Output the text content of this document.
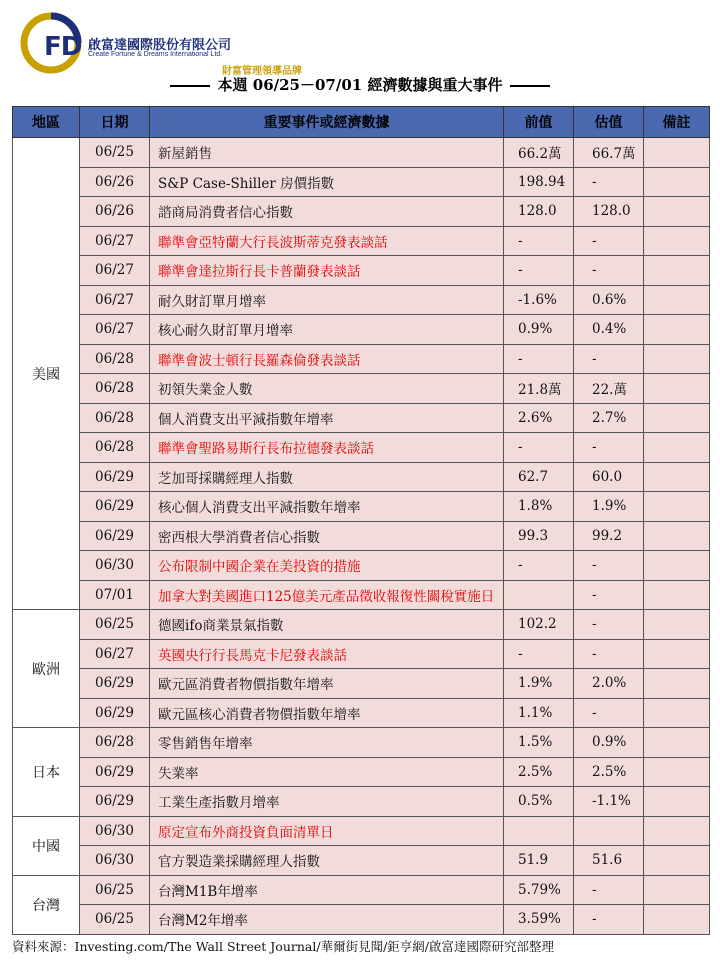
FD 啟富達國際股份有限公司
Create Fortune & Dreams International Ltd.
財富管理領導品牌
本週 06/25－07/01 經濟數據與重大事件
地區	日期	重要事件或經濟數據	前值	估值	備註
美國	06/25	新屋銷售	66.2萬	66.7萬	
	06/26	S&P Case-Shiller 房價指數	198.94	-	
	06/26	諮商局消費者信心指數	128.0	128.0	
	06/27	聯準會亞特蘭大行長波斯蒂克發表談話	-	-	
	06/27	聯準會達拉斯行長卡普蘭發表談話	-	-	
	06/27	耐久財訂單月增率	-1.6%	0.6%	
	06/27	核心耐久財訂單月增率	0.9%	0.4%	
	06/28	聯準會波士頓行長羅森倫發表談話	-	-	
	06/28	初領失業金人數	21.8萬	22.萬	
	06/28	個人消費支出平減指數年增率	2.6%	2.7%	
	06/28	聯準會聖路易斯行長布拉德發表談話	-	-	
	06/29	芝加哥採購經理人指數	62.7	60.0	
	06/29	核心個人消費支出平減指數年增率	1.8%	1.9%	
	06/29	密西根大學消費者信心指數	99.3	99.2	
	06/30	公布限制中國企業在美投資的措施	-	-	
	07/01	加拿大對美國進口125億美元產品徵收報復性關稅實施日		-	
歐洲	06/25	德國ifo商業景氣指數	102.2	-	
	06/27	英國央行行長馬克卡尼發表談話	-	-	
	06/29	歐元區消費者物價指數年增率	1.9%	2.0%	
	06/29	歐元區核心消費者物價指數年增率	1.1%	-	
日本	06/28	零售銷售年增率	1.5%	0.9%	
	06/29	失業率	2.5%	2.5%	
	06/29	工業生產指數月增率	0.5%	-1.1%	
中國	06/30	原定宣布外商投資負面清單日			
	06/30	官方製造業採購經理人指數	51.9	51.6	
台灣	06/25	台灣M1B年增率	5.79%	-	
	06/25	台灣M2年增率	3.59%	-	
資料來源：Investing.com/The Wall Street Journal/華爾街見聞/鉅亨網/啟富達國際研究部整理
